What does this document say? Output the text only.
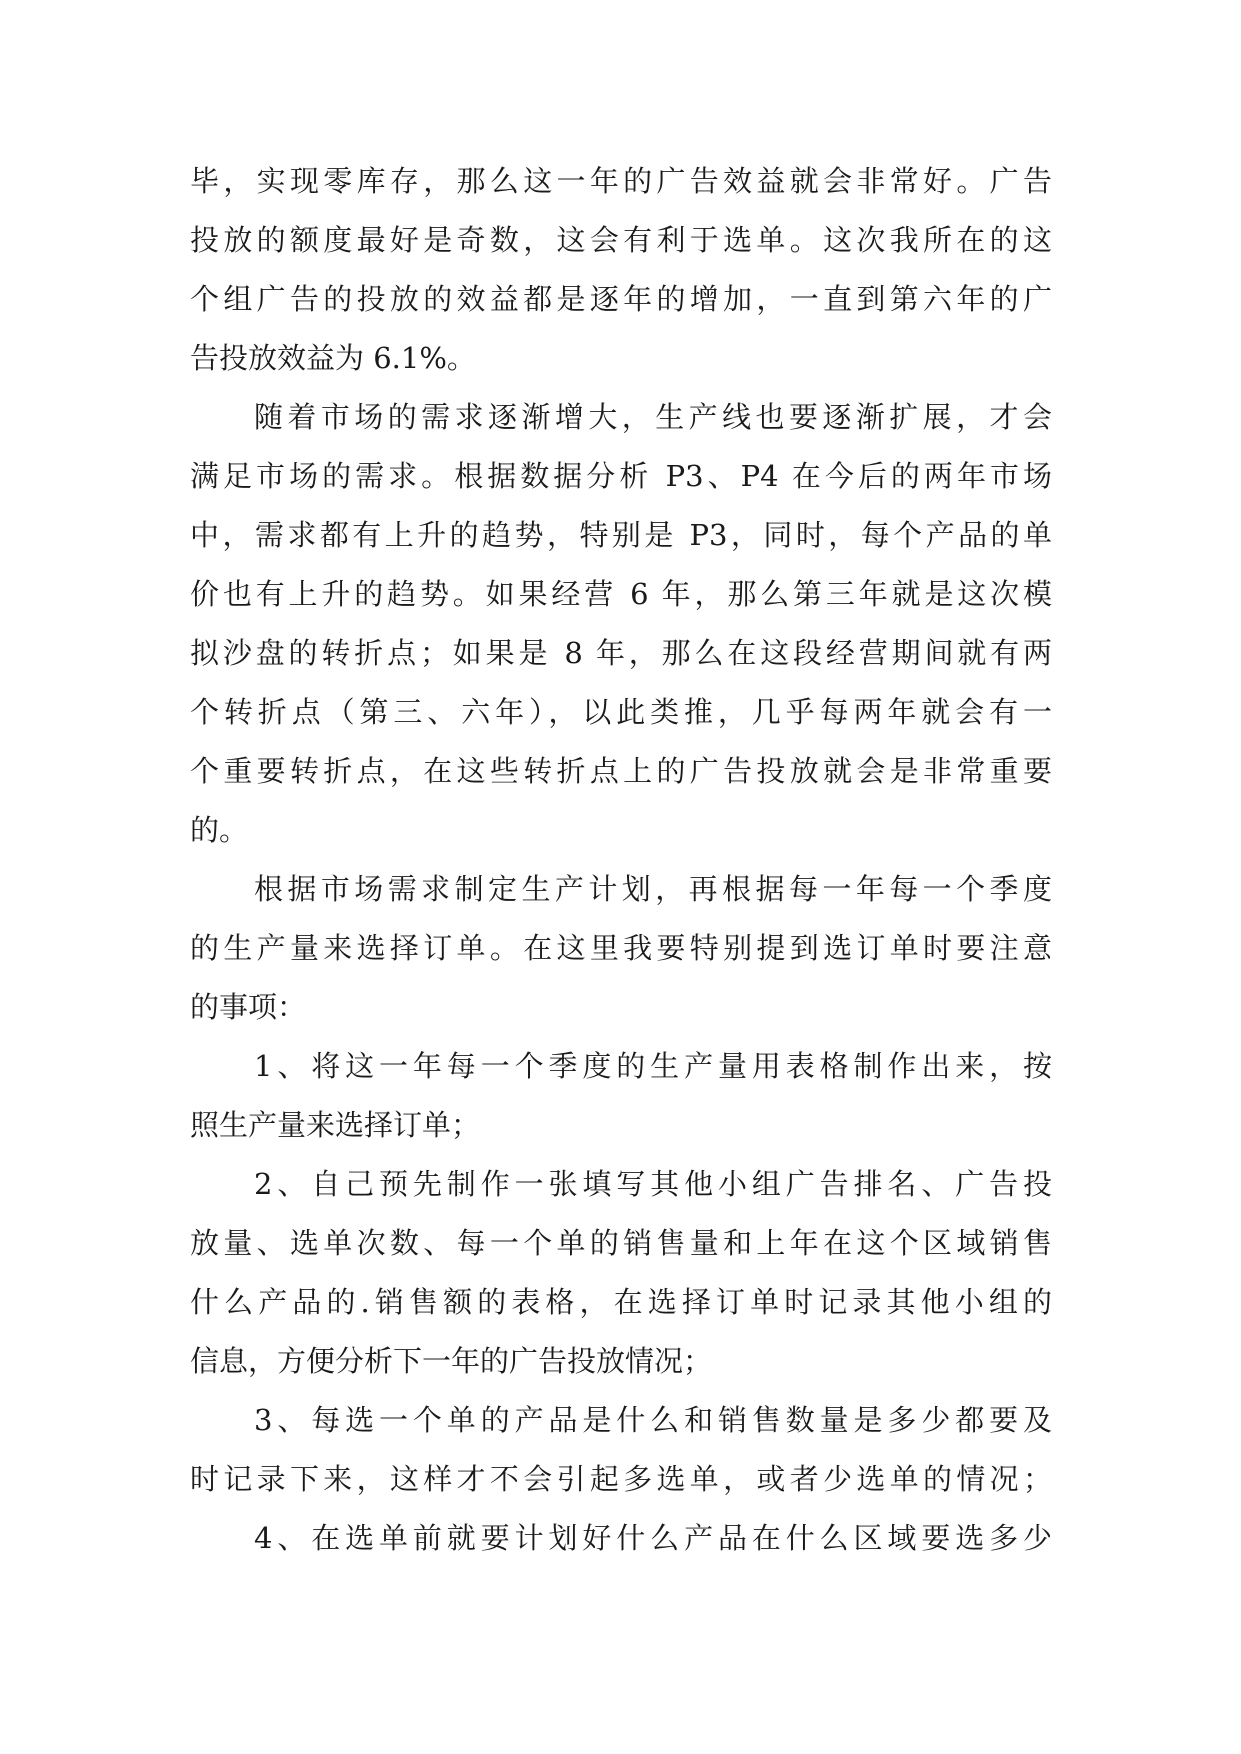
毕，实现零库存，那么这一年的广告效益就会非常好。广告
投放的额度最好是奇数，这会有利于选单。这次我所在的这
个组广告的投放的效益都是逐年的增加，一直到第六年的广
告投放效益为 6.1%。
随着市场的需求逐渐增大，生产线也要逐渐扩展，才会
满足市场的需求。根据数据分析 P3、P4 在今后的两年市场
中，需求都有上升的趋势，特别是 P3，同时，每个产品的单
价也有上升的趋势。如果经营 6 年，那么第三年就是这次模
拟沙盘的转折点；如果是 8 年，那么在这段经营期间就有两
个转折点（第三、六年），以此类推，几乎每两年就会有一
个重要转折点，在这些转折点上的广告投放就会是非常重要
的。
根据市场需求制定生产计划，再根据每一年每一个季度
的生产量来选择订单。在这里我要特别提到选订单时要注意
的事项：
1、将这一年每一个季度的生产量用表格制作出来，按
照生产量来选择订单；
2、自己预先制作一张填写其他小组广告排名、广告投
放量、选单次数、每一个单的销售量和上年在这个区域销售
什么产品的.销售额的表格，在选择订单时记录其他小组的
信息，方便分析下一年的广告投放情况；
3、每选一个单的产品是什么和销售数量是多少都要及
时记录下来，这样才不会引起多选单，或者少选单的情况；
4、在选单前就要计划好什么产品在什么区域要选多少
